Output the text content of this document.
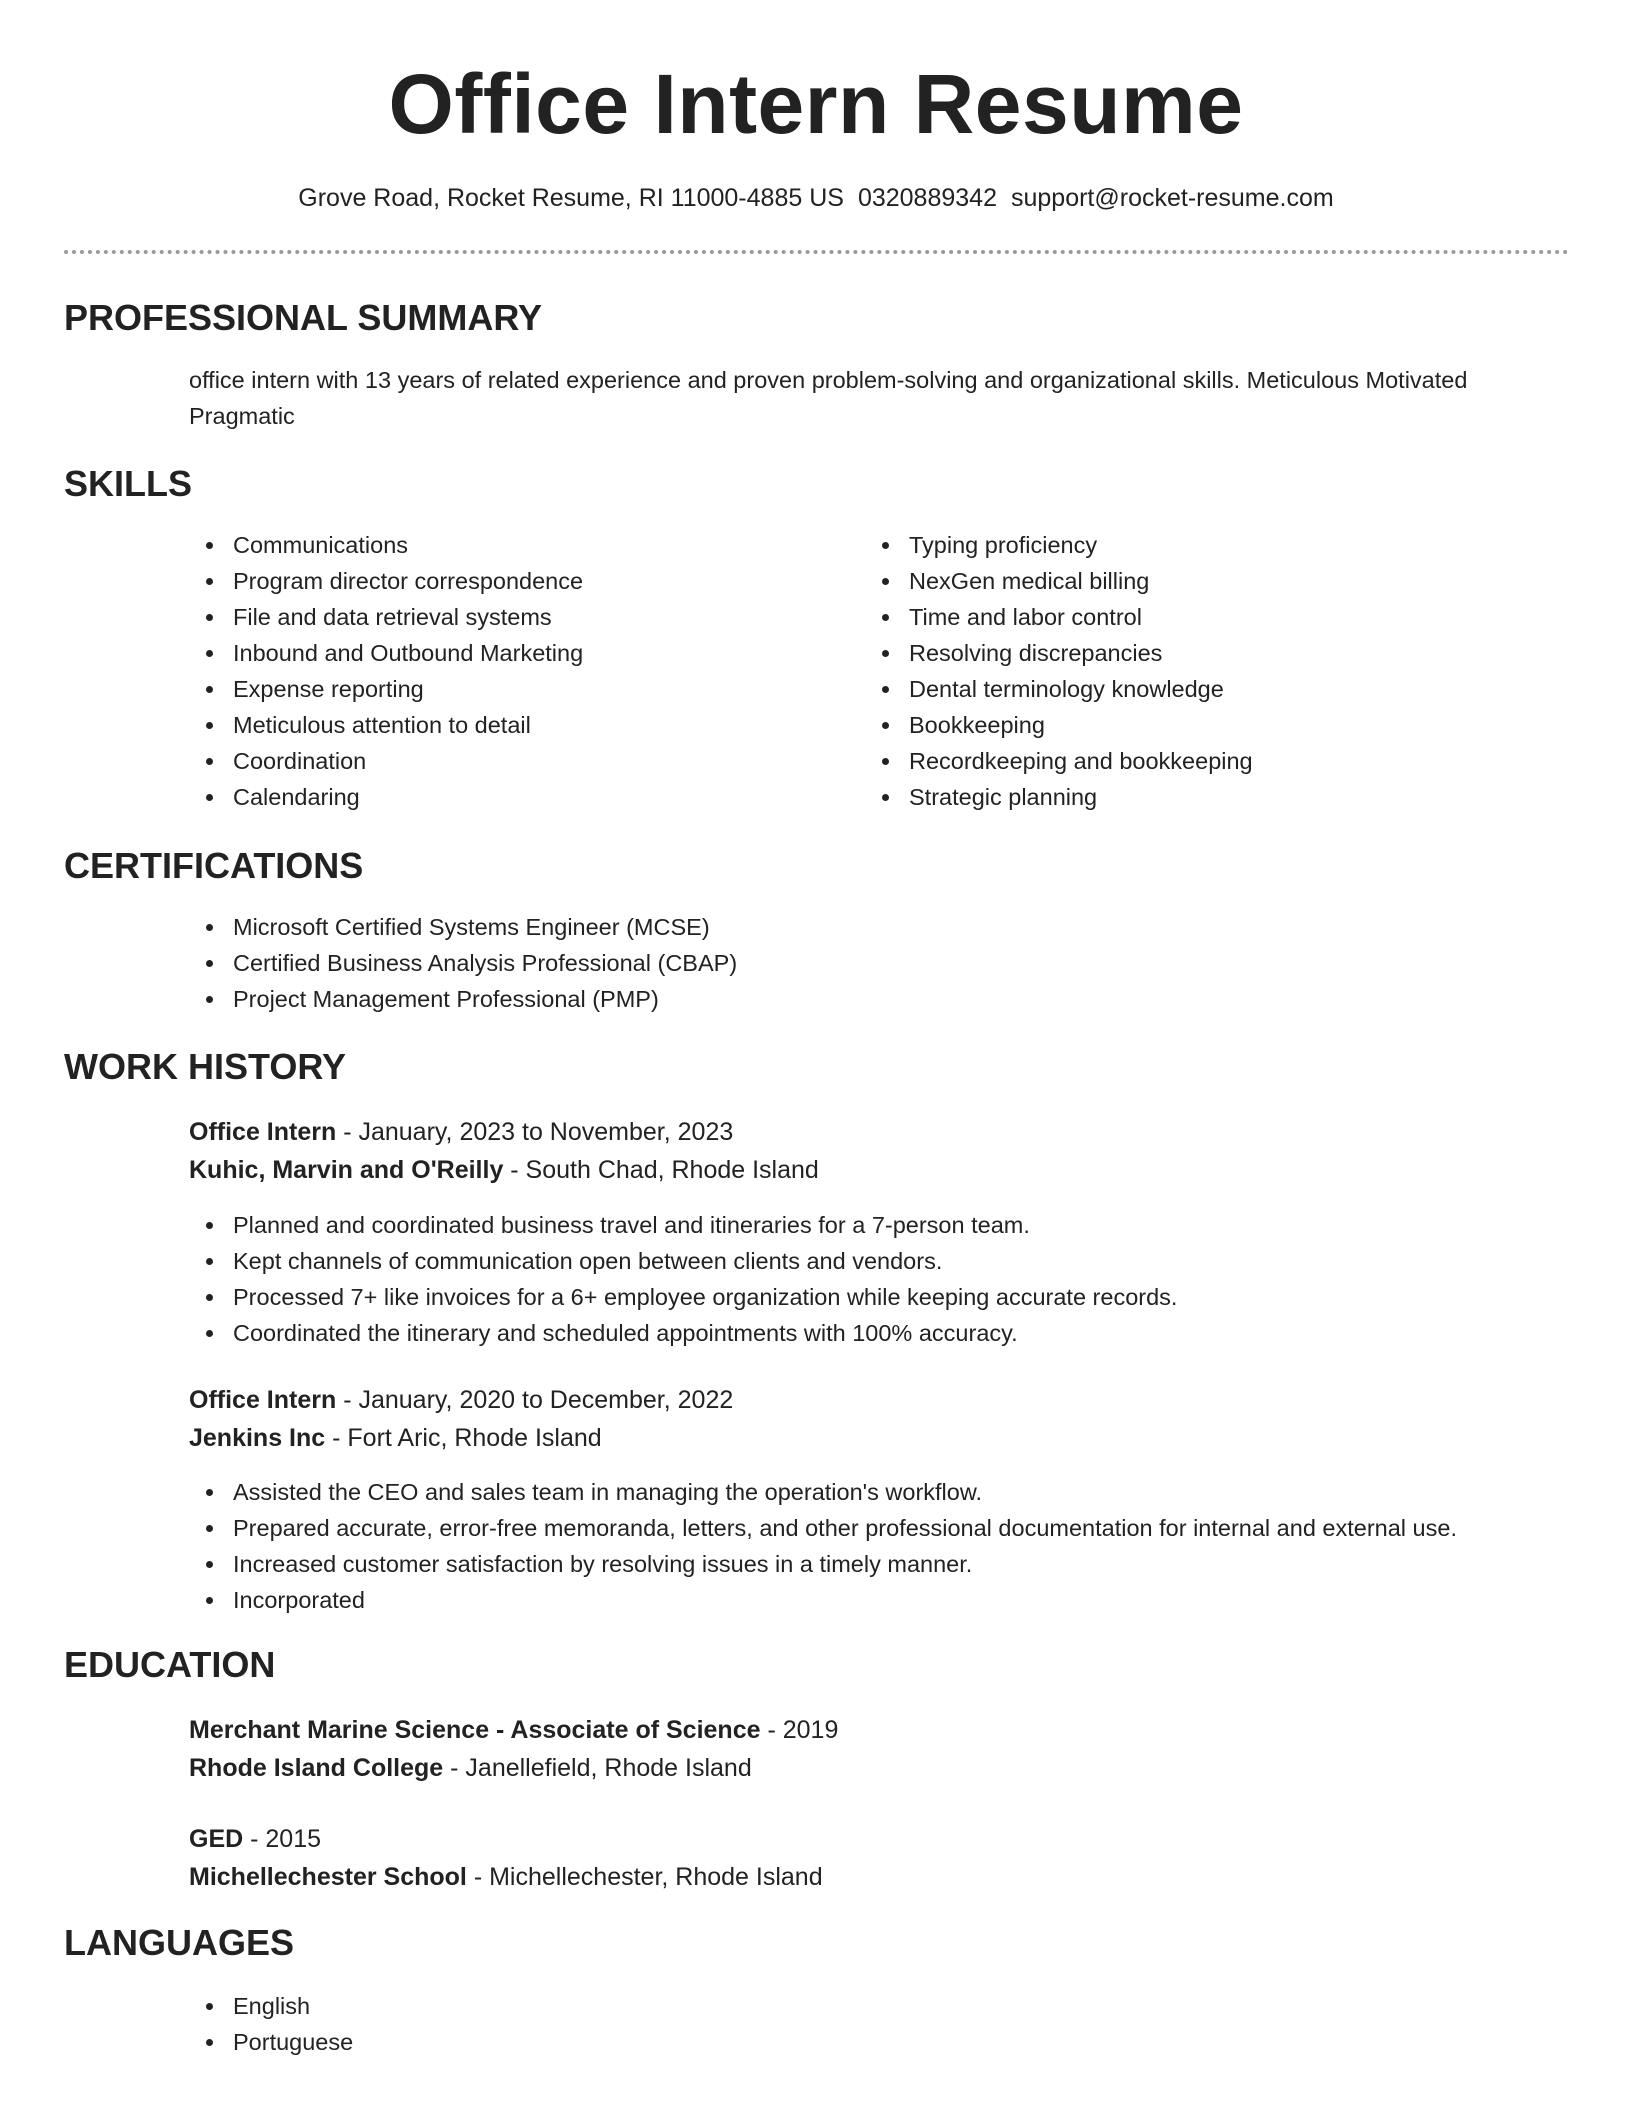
Office Intern Resume
Grove Road, Rocket Resume, RI 11000-4885 US 0320889342 support@rocket-resume.com
PROFESSIONAL SUMMARY
office intern with 13 years of related experience and proven problem-solving and organizational skills. Meticulous Motivated Pragmatic
SKILLS
Communications
Program director correspondence
File and data retrieval systems
Inbound and Outbound Marketing
Expense reporting
Meticulous attention to detail
Coordination
Calendaring
Typing proficiency
NexGen medical billing
Time and labor control
Resolving discrepancies
Dental terminology knowledge
Bookkeeping
Recordkeeping and bookkeeping
Strategic planning
CERTIFICATIONS
Microsoft Certified Systems Engineer (MCSE)
Certified Business Analysis Professional (CBAP)
Project Management Professional (PMP)
WORK HISTORY
Office Intern - January, 2023 to November, 2023
Kuhic, Marvin and O'Reilly - South Chad, Rhode Island
Planned and coordinated business travel and itineraries for a 7-person team.
Kept channels of communication open between clients and vendors.
Processed 7+ like invoices for a 6+ employee organization while keeping accurate records.
Coordinated the itinerary and scheduled appointments with 100% accuracy.
Office Intern - January, 2020 to December, 2022
Jenkins Inc - Fort Aric, Rhode Island
Assisted the CEO and sales team in managing the operation's workflow.
Prepared accurate, error-free memoranda, letters, and other professional documentation for internal and external use.
Increased customer satisfaction by resolving issues in a timely manner.
Incorporated
EDUCATION
Merchant Marine Science - Associate of Science - 2019
Rhode Island College - Janellefield, Rhode Island
GED - 2015
Michellechester School - Michellechester, Rhode Island
LANGUAGES
English
Portuguese
